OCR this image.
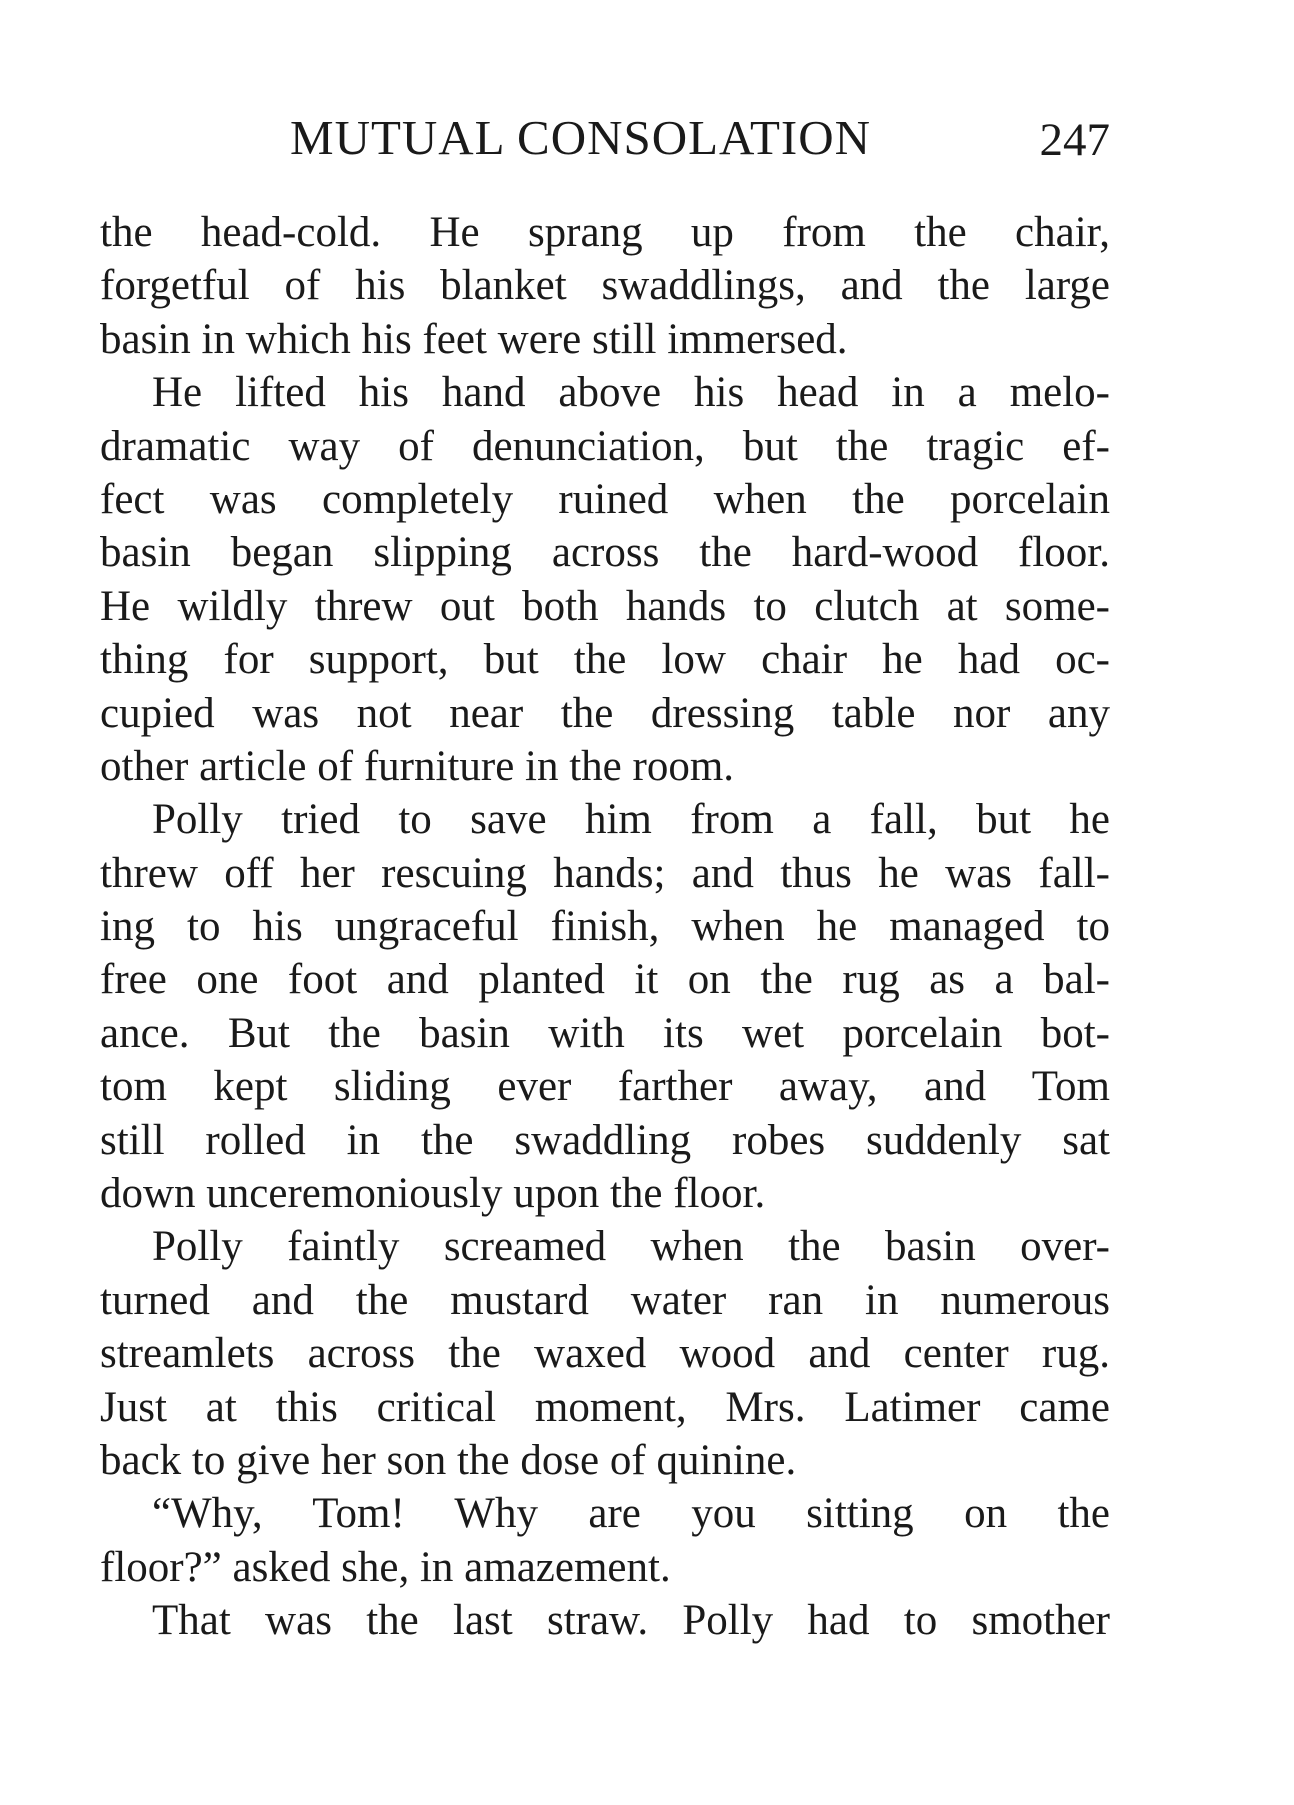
MUTUAL CONSOLATION	247
the head-cold. He sprang up from the chair,
forgetful of his blanket swaddlings, and the large
basin in which his feet were still immersed.
He lifted his hand above his head in a melo-
dramatic way of denunciation, but the tragic ef-
fect was completely ruined when the porcelain
basin began slipping across the hard-wood floor.
He wildly threw out both hands to clutch at some-
thing for support, but the low chair he had oc-
cupied was not near the dressing table nor any
other article of furniture in the room.
Polly tried to save him from a fall, but he
threw off her rescuing hands; and thus he was fall-
ing to his ungraceful finish, when he managed to
free one foot and planted it on the rug as a bal-
ance. But the basin with its wet porcelain bot-
tom kept sliding ever farther away, and Tom
still rolled in the swaddling robes suddenly sat
down unceremoniously upon the floor.
Polly faintly screamed when the basin over-
turned and the mustard water ran in numerous
streamlets across the waxed wood and center rug.
Just at this critical moment, Mrs. Latimer came
back to give her son the dose of quinine.
“Why, Tom! Why are you sitting on the
floor?” asked she, in amazement.
That was the last straw. Polly had to smother
